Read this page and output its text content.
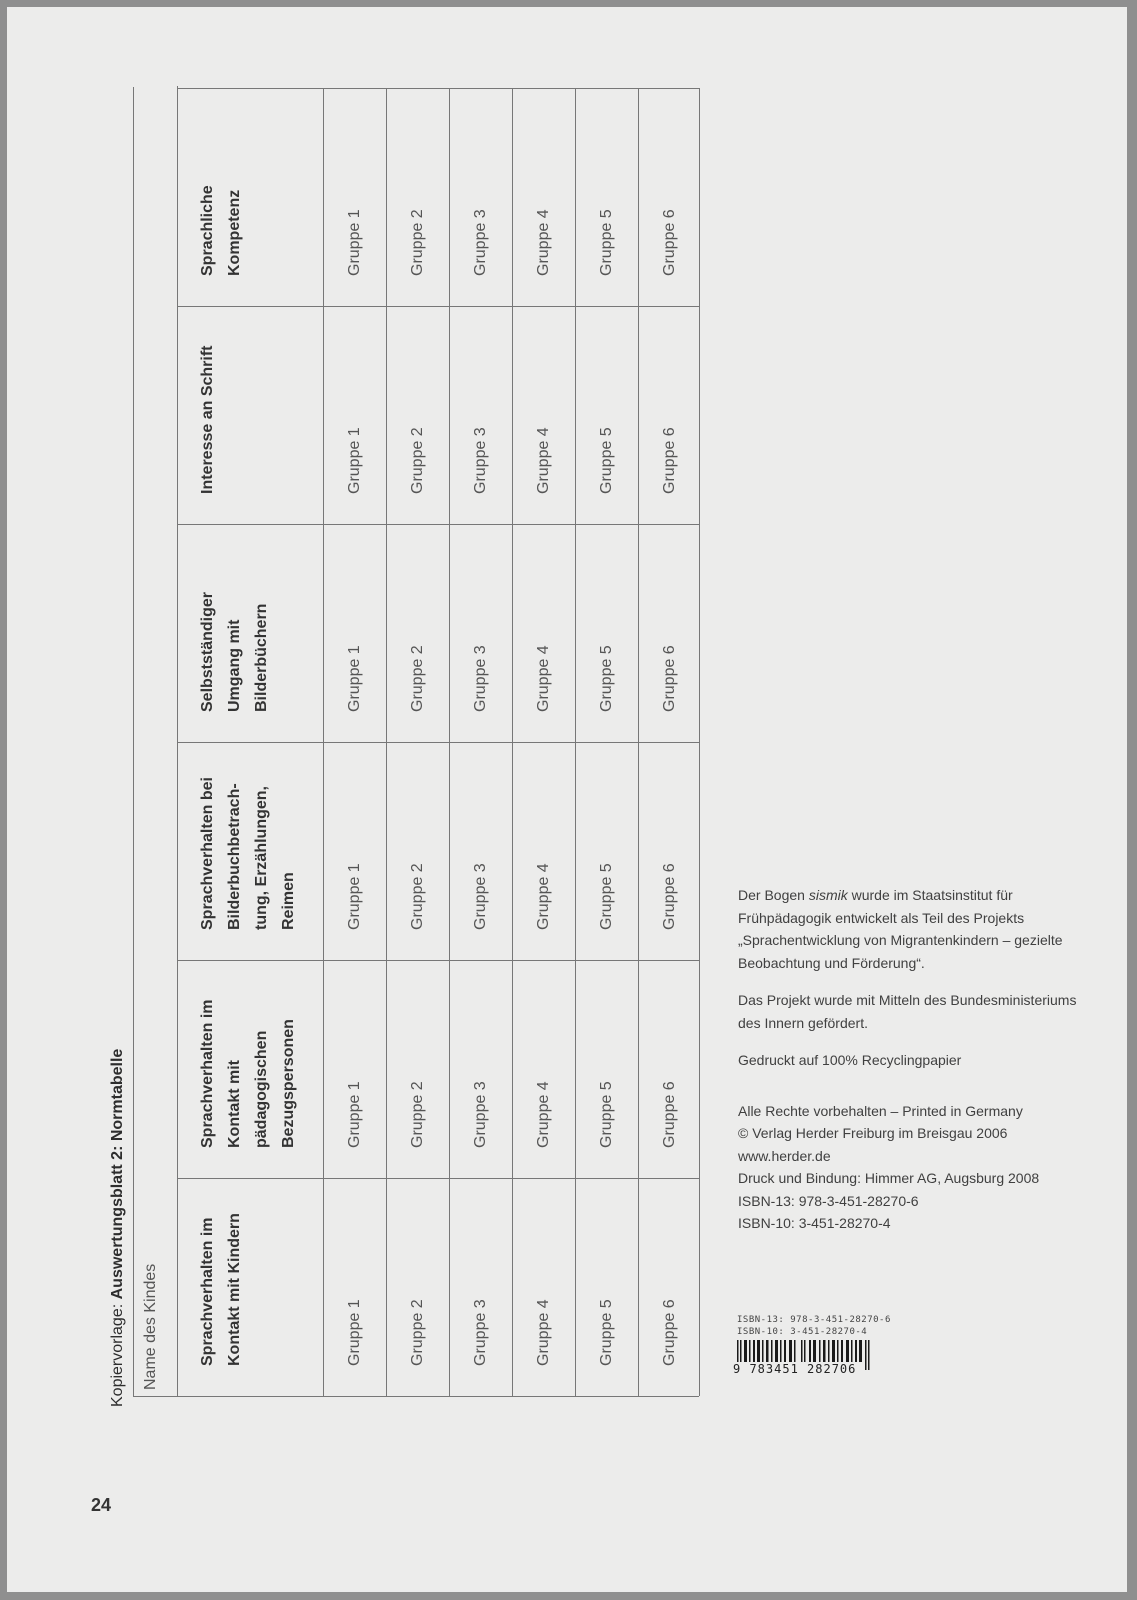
Kopiervorlage: Auswertungsblatt 2: Normtabelle
Name des Kindes	Sprachverhalten im Kontakt mit Kindern	Gruppe 1	Gruppe 2	Gruppe 3	Gruppe 4	Gruppe 5	Gruppe 6
Sprachverhalten im Kontakt mit pädagogischen Bezugspersonen	Gruppe 1	Gruppe 2	Gruppe 3	Gruppe 4	Gruppe 5	Gruppe 6
Sprachverhalten bei Bilderbuchbetrach-tung, Erzählungen, Reimen	Gruppe 1	Gruppe 2	Gruppe 3	Gruppe 4	Gruppe 5	Gruppe 6
Selbstständiger Umgang mit Bilderbüchern	Gruppe 1	Gruppe 2	Gruppe 3	Gruppe 4	Gruppe 5	Gruppe 6
Interesse an Schrift	Gruppe 1	Gruppe 2	Gruppe 3	Gruppe 4	Gruppe 5	Gruppe 6
Sprachliche Kompetenz	Gruppe 1	Gruppe 2	Gruppe 3	Gruppe 4	Gruppe 5	Gruppe 6

Der Bogen sismik wurde im Staatsinstitut für Frühpädagogik entwickelt als Teil des Projekts „Sprachentwicklung von Migrantenkindern – gezielte Beobachtung und Förderung“.

Das Projekt wurde mit Mitteln des Bundesministeriums des Innern gefördert.

Gedruckt auf 100% Recyclingpapier

Alle Rechte vorbehalten – Printed in Germany
© Verlag Herder Freiburg im Breisgau 2006
www.herder.de
Druck und Bindung: Himmer AG, Augsburg 2008
ISBN-13: 978-3-451-28270-6
ISBN-10: 3-451-28270-4
ISBN-13: 978-3-451-28270-6
ISBN-10: 3-451-28270-4
9 783451 282706
24
